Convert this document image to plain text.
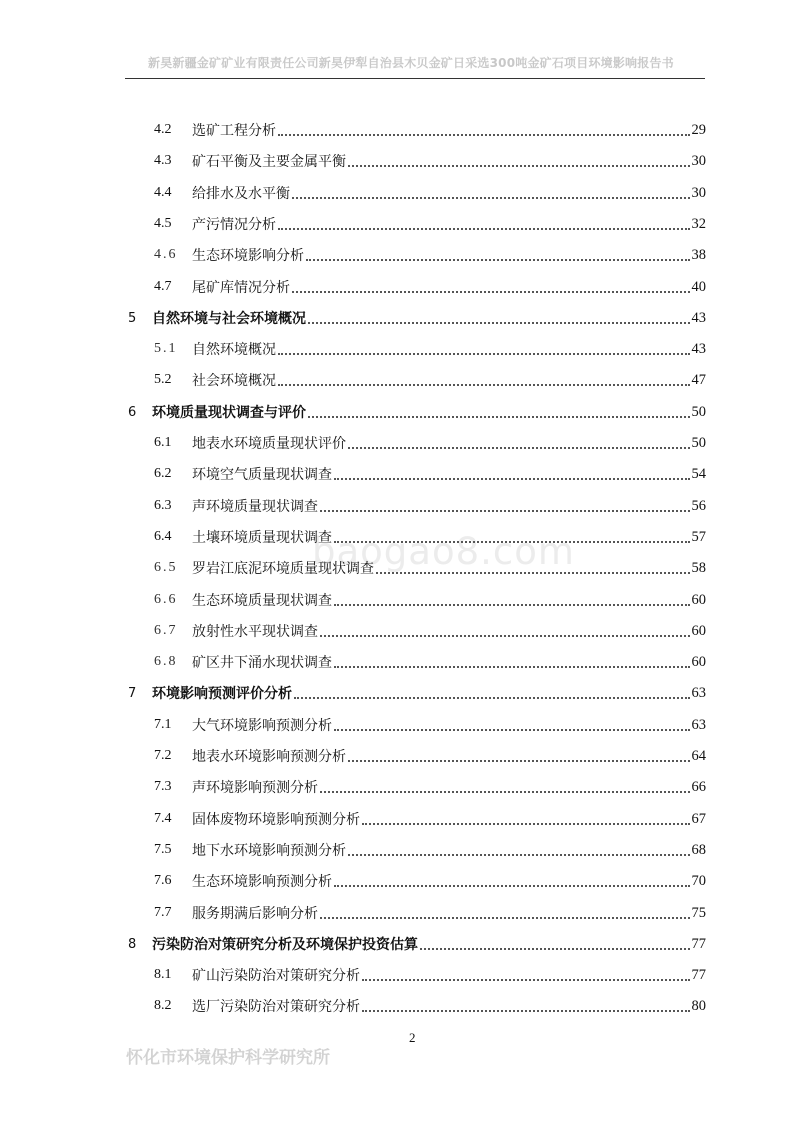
新昊新疆金矿矿业有限责任公司新昊伊犁自治县木贝金矿日采选300吨金矿石项目环境影响报告书
baogao8.com
4.2	选矿工程分析	29
4.3	矿石平衡及主要金属平衡	30
4.4	给排水及水平衡	30
4.5	产污情况分析	32
4.6	生态环境影响分析	38
4.7	尾矿库情况分析	40
5	自然环境与社会环境概况	43
5.1	自然环境概况	43
5.2	社会环境概况	47
6	环境质量现状调查与评价	50
6.1	地表水环境质量现状评价	50
6.2	环境空气质量现状调查	54
6.3	声环境质量现状调查	56
6.4	土壤环境质量现状调查	57
6.5	罗岩江底泥环境质量现状调查	58
6.6	生态环境质量现状调查	60
6.7	放射性水平现状调查	60
6.8	矿区井下涌水现状调查	60
7	环境影响预测评价分析	63
7.1	大气环境影响预测分析	63
7.2	地表水环境影响预测分析	64
7.3	声环境影响预测分析	66
7.4	固体废物环境影响预测分析	67
7.5	地下水环境影响预测分析	68
7.6	生态环境影响预测分析	70
7.7	服务期满后影响分析	75
8	污染防治对策研究分析及环境保护投资估算	77
8.1	矿山污染防治对策研究分析	77
8.2	选厂污染防治对策研究分析	80
2
怀化市环境保护科学研究所
